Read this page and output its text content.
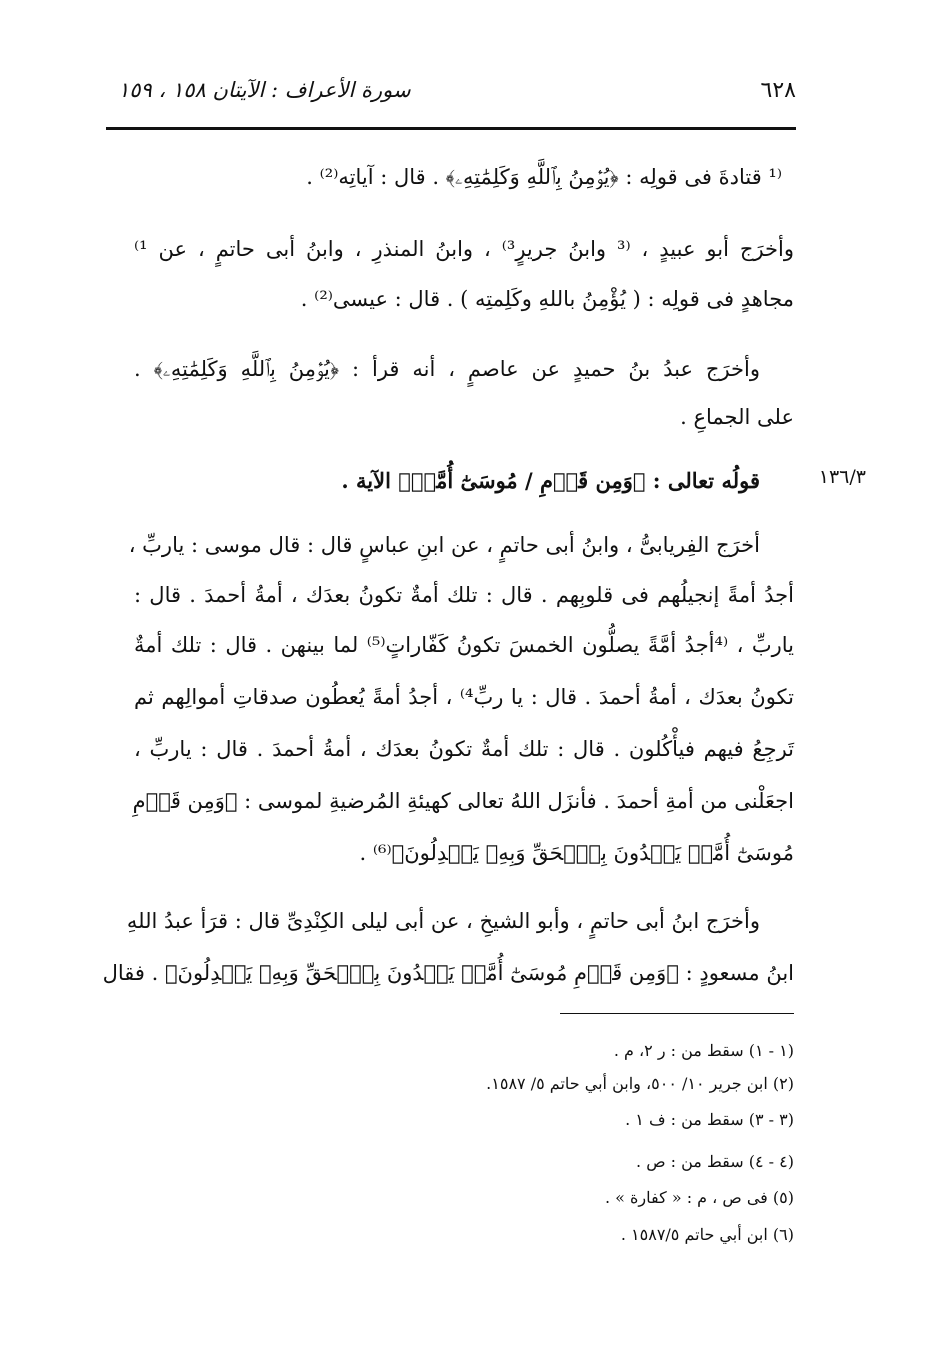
٦٢٨
سورة الأعراف : الآيتان ١٥٨ ، ١٥٩
⁽¹ قتادةَ فى قولِه : ﴿يُؤۡمِنُ بِٱللَّهِ وَكَلِمَٰتِهِۦ﴾ . قال : آياتِه⁽²⁾ .
وأخرَج أبو عبيدٍ ، ⁽³ وابنُ جريرٍ³⁾ ، وابنُ المنذرِ ، وابنُ أبى حاتمٍ ، عن ¹⁾
مجاهدٍ فى قولِه : ( يُؤْمِنُ باللهِ وكَلِمتِه ) . قال : عيسى⁽²⁾ .
وأخرَج عبدُ بنُ حميدٍ عن عاصمٍ ، أنه قرأ : ﴿يُؤۡمِنُ بِٱللَّهِ وَكَلِمَٰتِهِۦ﴾ .
على الجماعِ .
قولُه تعالى : ﴿وَمِن قَوۡمِ / مُوسَىٰٓ أُمَّةٞ﴾ الآية .	١٣٦/٣
أخرَج الفِريابىُّ ، وابنُ أبى حاتمٍ ، عن ابنِ عباسٍ قال : قال موسى : ياربِّ ،
أجدُ أمةً إنجيلُهم فى قلوبِهم . قال : تلك أمةٌ تكونُ بعدَك ، أمةُ أحمدَ . قال :
ياربِّ ، ⁽⁴أجدُ أمَّةً يصلُّون الخمسَ تكونُ كَفّاراتٍ⁽⁵⁾ لما بينهن . قال : تلك أمةٌ
تكونُ بعدَك ، أمةُ أحمدَ . قال : يا ربِّ⁴⁾ ، أجدُ أمةً يُعطُون صدقاتِ أموالِهم ثم
تَرجِعُ فيهم فيأْكُلون . قال : تلك أمةٌ تكونُ بعدَك ، أمةُ أحمدَ . قال : ياربِّ ،
اجعَلْنى من أمةِ أحمدَ . فأنزَل اللهُ تعالى كهيئةِ المُرضيةِ لموسى : ﴿وَمِن قَوۡمِ
مُوسَىٰٓ أُمَّةٞ يَهۡدُونَ بِٱلۡحَقِّ وَبِهِۦ يَعۡدِلُونَ﴾⁽⁶⁾ .
وأخرَج ابنُ أبى حاتمٍ ، وأبو الشيخِ ، عن أبى ليلى الكِنْدِىِّ قال : قرَأ عبدُ اللهِ
ابنُ مسعودٍ : ﴿وَمِن قَوۡمِ مُوسَىٰٓ أُمَّةٞ يَهۡدُونَ بِٱلۡحَقِّ وَبِهِۦ يَعۡدِلُونَ﴾ . فقال
(١ - ١) سقط من : ر ٢، م .
(٢) ابن جرير ١٠/ ٥٠٠، وابن أبي حاتم ٥/ ١٥٨٧.
(٣ - ٣) سقط من : ف ١ .
(٤ - ٤) سقط من : ص .
(٥) فى ص ، م : « كفارة » .
(٦) ابن أبي حاتم ١٥٨٧/٥ .
